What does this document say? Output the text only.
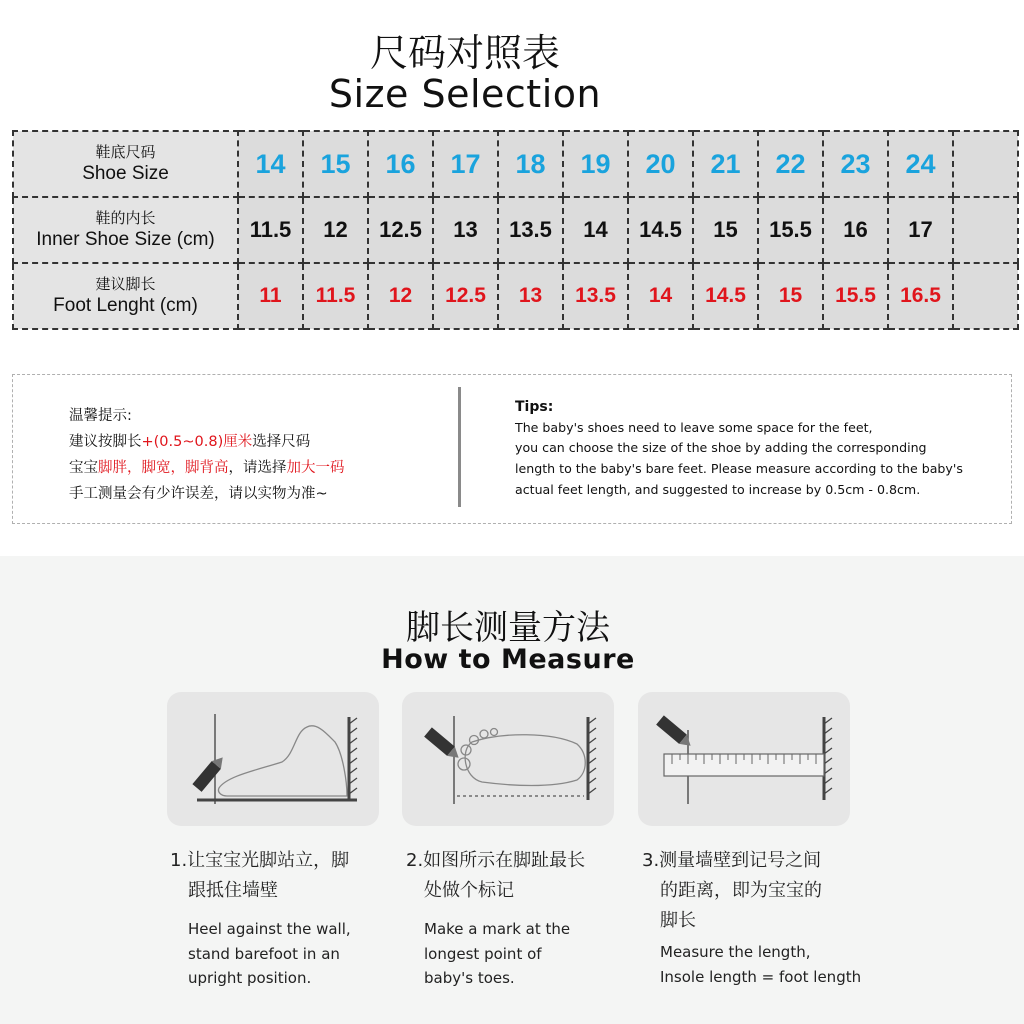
尺码对照表
Size Selection
鞋底尺码
Shoe Size	14	15	16	17	18	19	20	21	22	23	24	

鞋的内长
Inner Shoe Size (cm)	11.5	12	12.5	13	13.5	14	14.5	15	15.5	16	17	

建议脚长
Foot Lenght (cm)	11	11.5	12	12.5	13	13.5	14	14.5	15	15.5	16.5	
温馨提示:
建议按脚长+(0.5~0.8)厘米选择尺码
宝宝脚胖，脚宽，脚背高，请选择加大一码
手工测量会有少许误差，请以实物为准~
Tips:
The baby's shoes need to leave some space for the feet,
you can choose the size of the shoe by adding the corresponding
length to the baby's bare feet. Please measure according to the baby's
actual feet length, and suggested to increase by 0.5cm - 0.8cm.
脚长测量方法
How to Measure
1.让宝宝光脚站立，脚
跟抵住墙壁
Heel against the wall,
stand barefoot in an
upright position.
2.如图所示在脚趾最长
处做个标记
Make a mark at the
longest point of
baby's toes.
3.测量墙壁到记号之间
的距离，即为宝宝的
脚长
Measure the length,
Insole length = foot length
